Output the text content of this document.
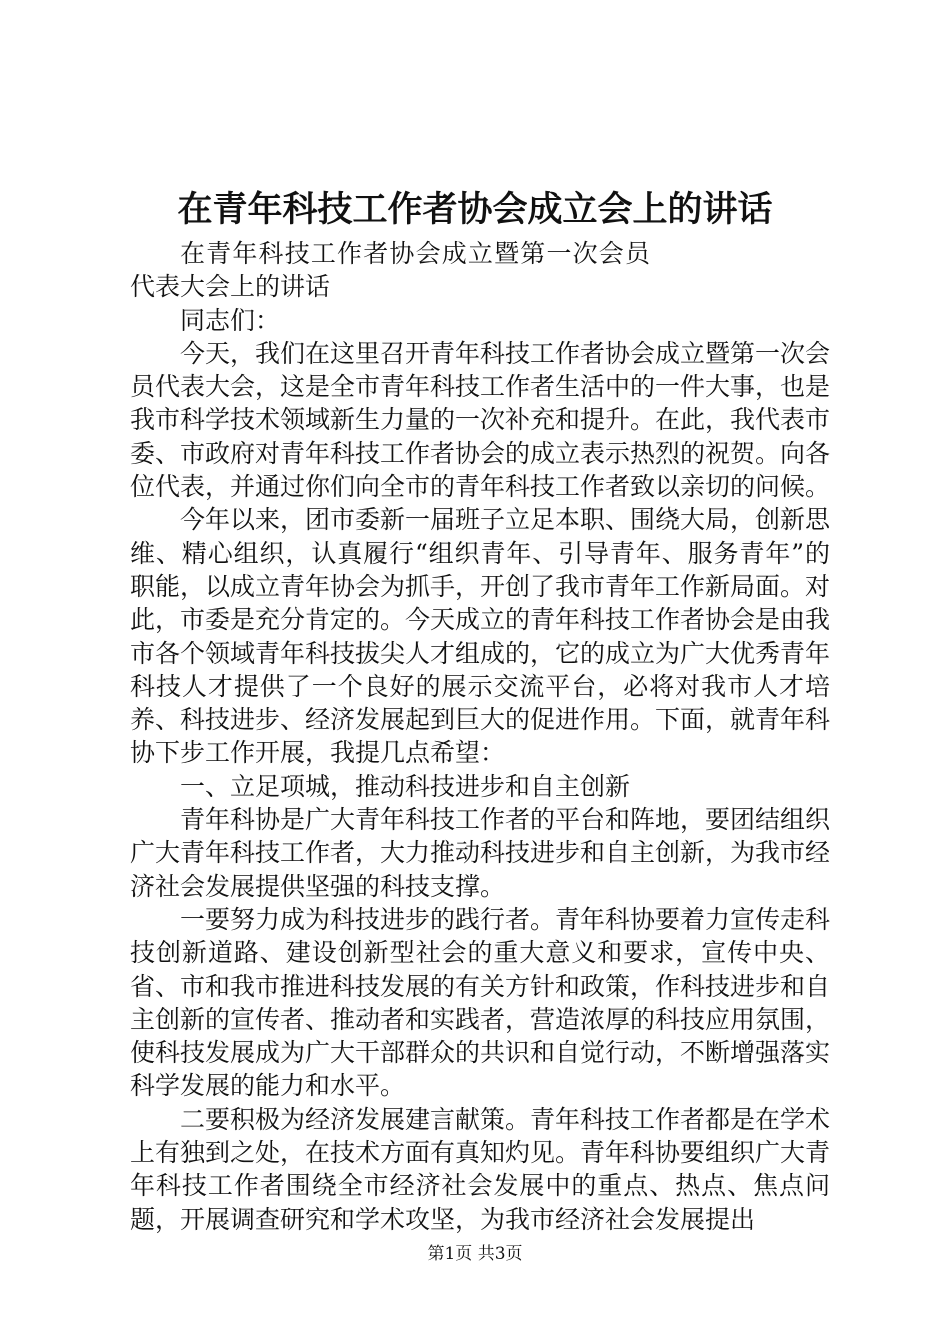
在青年科技工作者协会成立会上的讲话

在青年科技工作者协会成立暨第一次会员代表大会上的讲话

同志们：

今天，我们在这里召开青年科技工作者协会成立暨第一次会员代表大会，这是全市青年科技工作者生活中的一件大事，也是我市科学技术领域新生力量的一次补充和提升。在此，我代表市委、市政府对青年科技工作者协会的成立表示热烈的祝贺。向各位代表，并通过你们向全市的青年科技工作者致以亲切的问候。

今年以来，团市委新一届班子立足本职、围绕大局，创新思维、精心组织，认真履行“组织青年、引导青年、服务青年”的职能，以成立青年协会为抓手，开创了我市青年工作新局面。对此，市委是充分肯定的。今天成立的青年科技工作者协会是由我市各个领域青年科技拔尖人才组成的，它的成立为广大优秀青年科技人才提供了一个良好的展示交流平台，必将对我市人才培养、科技进步、经济发展起到巨大的促进作用。下面，就青年科协下步工作开展，我提几点希望：

一、立足项城，推动科技进步和自主创新

青年科协是广大青年科技工作者的平台和阵地，要团结组织广大青年科技工作者，大力推动科技进步和自主创新，为我市经济社会发展提供坚强的科技支撑。

一要努力成为科技进步的践行者。青年科协要着力宣传走科技创新道路、建设创新型社会的重大意义和要求，宣传中央、省、市和我市推进科技发展的有关方针和政策，作科技进步和自主创新的宣传者、推动者和实践者，营造浓厚的科技应用氛围，使科技发展成为广大干部群众的共识和自觉行动，不断增强落实科学发展的能力和水平。

二要积极为经济发展建言献策。青年科技工作者都是在学术上有独到之处，在技术方面有真知灼见。青年科协要组织广大青年科技工作者围绕全市经济社会发展中的重点、热点、焦点问题，开展调查研究和学术攻坚，为我市经济社会发展提出

第1页 共3页
